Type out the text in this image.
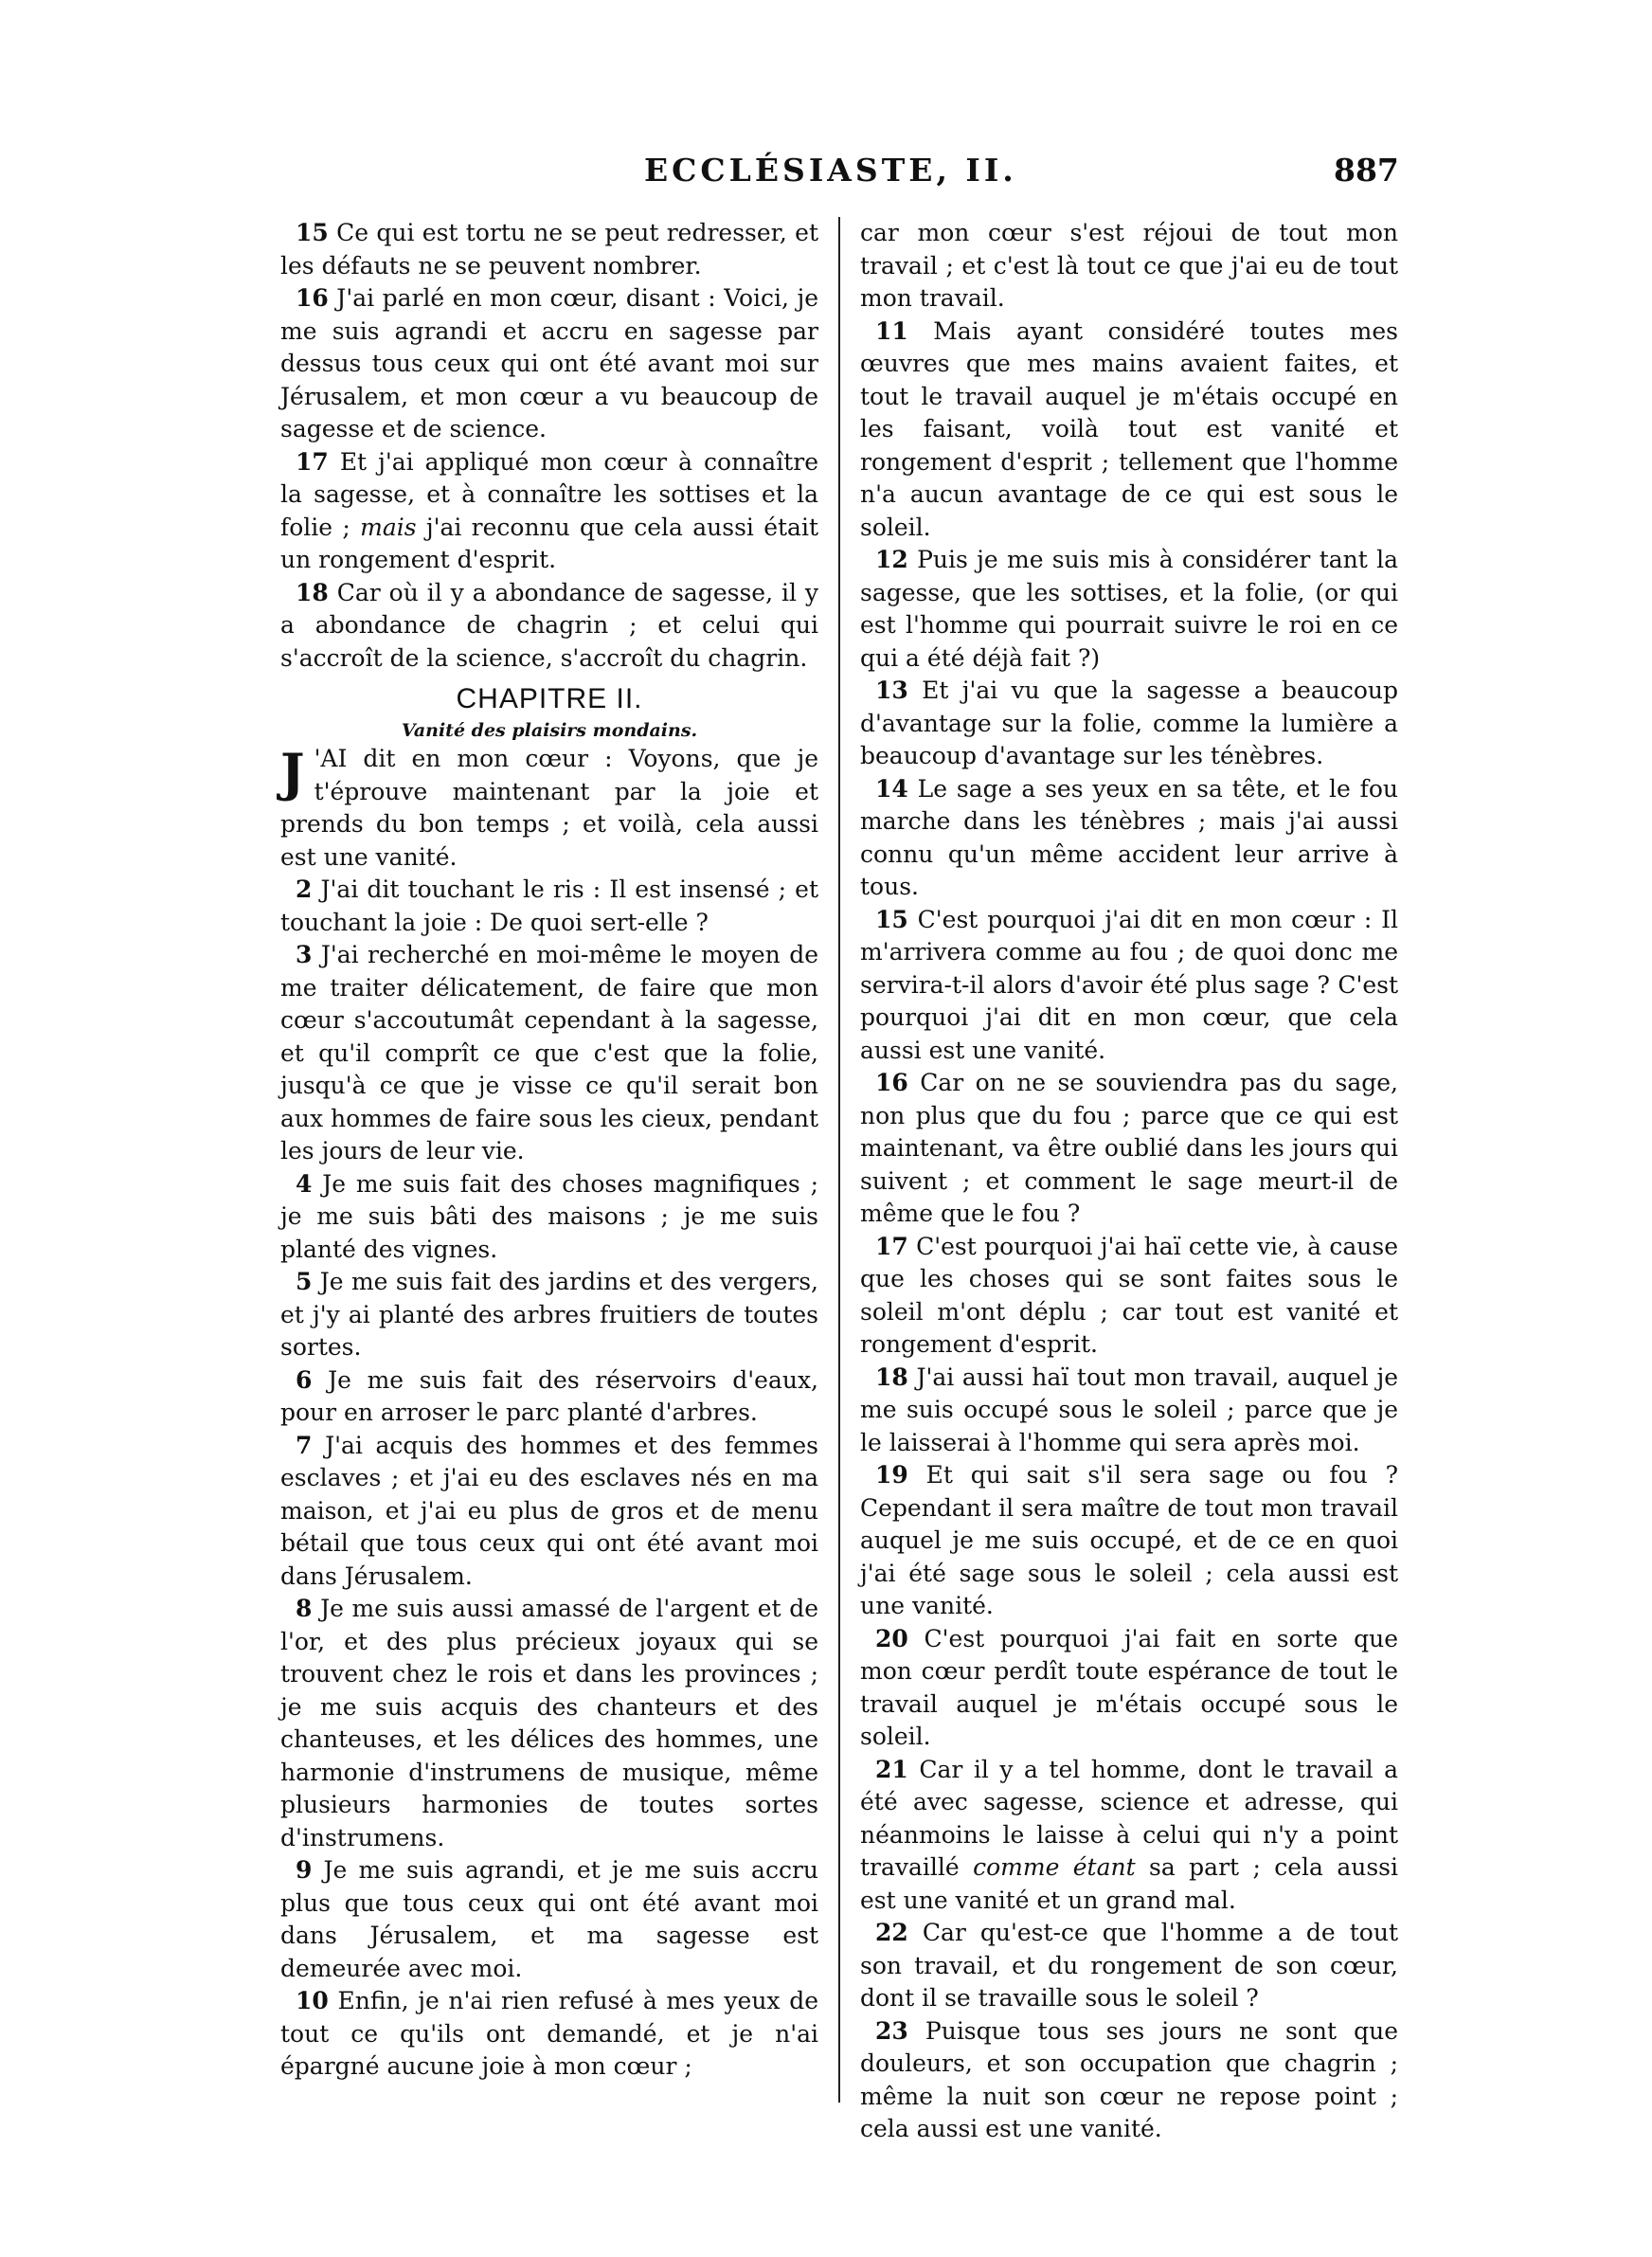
ECCLÉSIASTE, II.	887

15 Ce qui est tortu ne se peut redresser, et les défauts ne se peuvent nombrer.

16 J'ai parlé en mon cœur, disant : Voici, je me suis agrandi et accru en sagesse par dessus tous ceux qui ont été avant moi sur Jérusalem, et mon cœur a vu beaucoup de sagesse et de science.

17 Et j'ai appliqué mon cœur à connaître la sagesse, et à connaître les sottises et la folie ; mais j'ai reconnu que cela aussi était un rongement d'esprit.

18 Car où il y a abondance de sagesse, il y a abondance de chagrin ; et celui qui s'accroît de la science, s'accroît du chagrin.

CHAPITRE II.
Vanité des plaisirs mondains.

J 'AI dit en mon cœur : Voyons, que je t'éprouve maintenant par la joie et prends du bon temps ; et voilà, cela aussi est une vanité.

2 J'ai dit touchant le ris : Il est insensé ; et touchant la joie : De quoi sert-elle ?

3 J'ai recherché en moi-même le moyen de me traiter délicatement, de faire que mon cœur s'accoutumât cependant à la sagesse, et qu'il comprît ce que c'est que la folie, jusqu'à ce que je visse ce qu'il serait bon aux hommes de faire sous les cieux, pendant les jours de leur vie.

4 Je me suis fait des choses magnifiques ; je me suis bâti des maisons ; je me suis planté des vignes.

5 Je me suis fait des jardins et des vergers, et j'y ai planté des arbres fruitiers de toutes sortes.

6 Je me suis fait des réservoirs d'eaux, pour en arroser le parc planté d'arbres.

7 J'ai acquis des hommes et des femmes esclaves ; et j'ai eu des esclaves nés en ma maison, et j'ai eu plus de gros et de menu bétail que tous ceux qui ont été avant moi dans Jérusalem.

8 Je me suis aussi amassé de l'argent et de l'or, et des plus précieux joyaux qui se trouvent chez le rois et dans les provinces ; je me suis acquis des chanteurs et des chanteuses, et les délices des hommes, une harmonie d'instrumens de musique, même plusieurs harmonies de toutes sortes d'instrumens.

9 Je me suis agrandi, et je me suis accru plus que tous ceux qui ont été avant moi dans Jérusalem, et ma sagesse est demeurée avec moi.

10 Enfin, je n'ai rien refusé à mes yeux de tout ce qu'ils ont demandé, et je n'ai épargné aucune joie à mon cœur ;

car mon cœur s'est réjoui de tout mon travail ; et c'est là tout ce que j'ai eu de tout mon travail.

11 Mais ayant considéré toutes mes œuvres que mes mains avaient faites, et tout le travail auquel je m'étais occupé en les faisant, voilà tout est vanité et rongement d'esprit ; tellement que l'homme n'a aucun avantage de ce qui est sous le soleil.

12 Puis je me suis mis à considérer tant la sagesse, que les sottises, et la folie, (or qui est l'homme qui pourrait suivre le roi en ce qui a été déjà fait ?)

13 Et j'ai vu que la sagesse a beaucoup d'avantage sur la folie, comme la lumière a beaucoup d'avantage sur les ténèbres.

14 Le sage a ses yeux en sa tête, et le fou marche dans les ténèbres ; mais j'ai aussi connu qu'un même accident leur arrive à tous.

15 C'est pourquoi j'ai dit en mon cœur : Il m'arrivera comme au fou ; de quoi donc me servira-t-il alors d'avoir été plus sage ? C'est pourquoi j'ai dit en mon cœur, que cela aussi est une vanité.

16 Car on ne se souviendra pas du sage, non plus que du fou ; parce que ce qui est maintenant, va être oublié dans les jours qui suivent ; et comment le sage meurt-il de même que le fou ?

17 C'est pourquoi j'ai haï cette vie, à cause que les choses qui se sont faites sous le soleil m'ont déplu ; car tout est vanité et rongement d'esprit.

18 J'ai aussi haï tout mon travail, auquel je me suis occupé sous le soleil ; parce que je le laisserai à l'homme qui sera après moi.

19 Et qui sait s'il sera sage ou fou ? Cependant il sera maître de tout mon travail auquel je me suis occupé, et de ce en quoi j'ai été sage sous le soleil ; cela aussi est une vanité.

20 C'est pourquoi j'ai fait en sorte que mon cœur perdît toute espérance de tout le travail auquel je m'étais occupé sous le soleil.

21 Car il y a tel homme, dont le travail a été avec sagesse, science et adresse, qui néanmoins le laisse à celui qui n'y a point travaillé comme étant sa part ; cela aussi est une vanité et un grand mal.

22 Car qu'est-ce que l'homme a de tout son travail, et du rongement de son cœur, dont il se travaille sous le soleil ?

23 Puisque tous ses jours ne sont que douleurs, et son occupation que chagrin ; même la nuit son cœur ne repose point ; cela aussi est une vanité.
